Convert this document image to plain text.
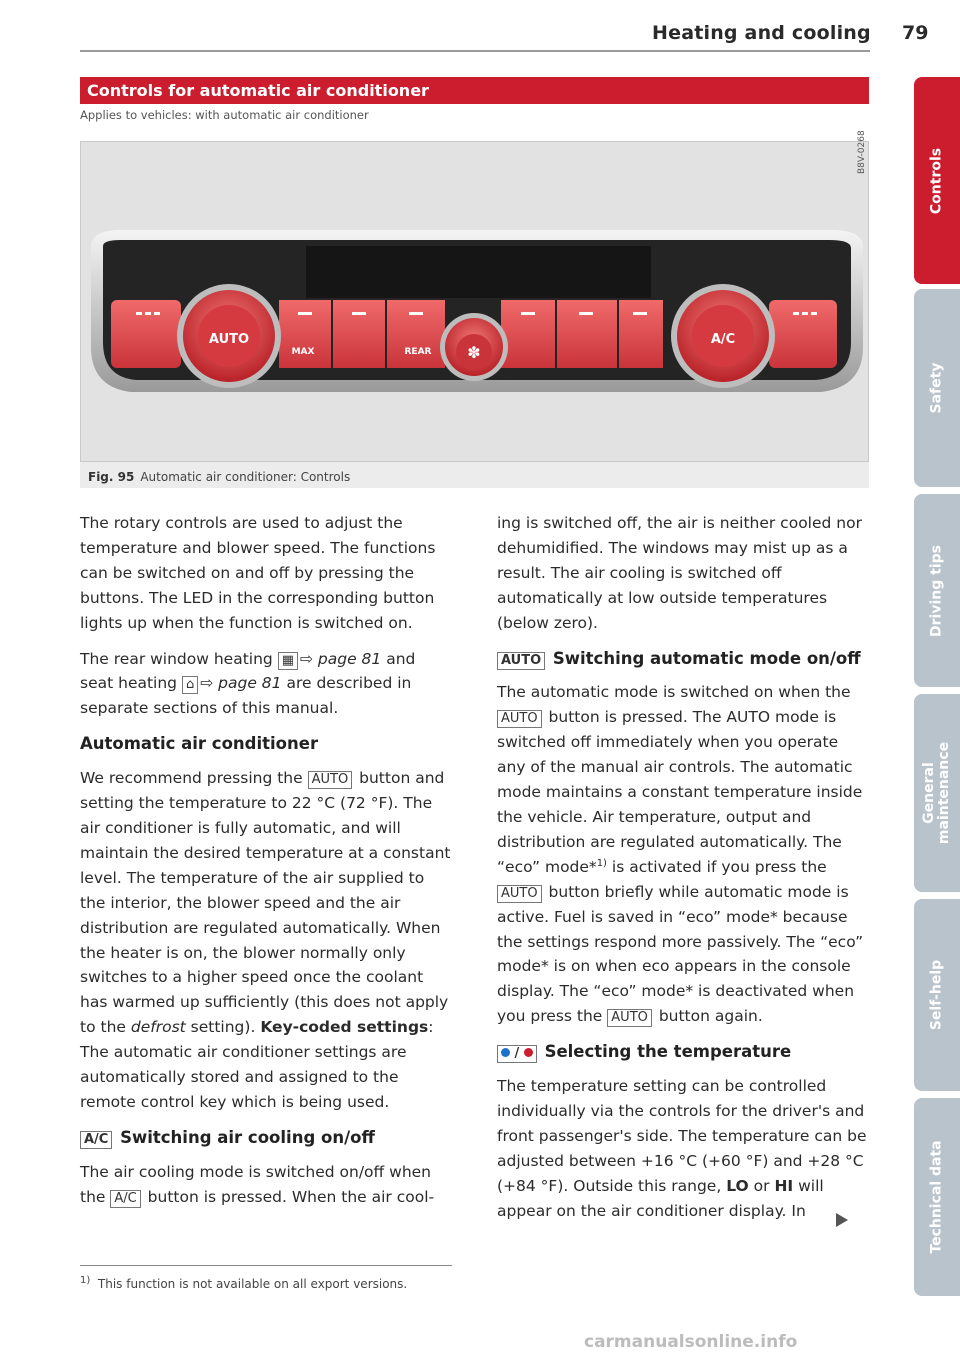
Heating and cooling 79
Controls for automatic air conditioner
Applies to vehicles: with automatic air conditioner
AUTO
MAX	REAR ✽
A/C
B8V-0268
Fig. 95 Automatic air conditioner: Controls

The rotary controls are used to adjust the temperature and blower speed. The functions can be switched on and off by pressing the buttons. The LED in the corresponding button lights up when the function is switched on.

The rear window heating ▦ ⇨ page 81 and seat heating ⌂ ⇨ page 81 are described in separate sections of this manual.

Automatic air conditioner

We recommend pressing the AUTO button and setting the temperature to 22 °C (72 °F). The air conditioner is fully automatic, and will maintain the desired temperature at a constant level. The temperature of the air supplied to the interior, the blower speed and the air distribution are regulated automatically. When the heater is on, the blower normally only switches to a higher speed once the coolant has warmed up sufficiently (this does not apply to the defrost setting). Key-coded settings: The automatic air conditioner settings are automatically stored and assigned to the remote control key which is being used.

A/C Switching air cooling on/off

The air cooling mode is switched on/off when the A/C button is pressed. When the air cool-

ing is switched off, the air is neither cooled nor dehumidified. The windows may mist up as a result. The air cooling is switched off automatically at low outside temperatures (below zero).

AUTO Switching automatic mode on/off

The automatic mode is switched on when the AUTO button is pressed. The AUTO mode is switched off immediately when you operate any of the manual air controls. The automatic mode maintains a constant temperature inside the vehicle. Air temperature, output and distribution are regulated automatically. The “eco” mode*$^{1)}$ is activated if you press the AUTO button briefly while automatic mode is active. Fuel is saved in “eco” mode* because the settings respond more passively. The “eco” mode* is on when eco appears in the console display. The “eco” mode* is deactivated when you press the AUTO button again.

/ Selecting the temperature

The temperature setting can be controlled individually via the controls for the driver's and front passenger's side. The temperature can be adjusted between +16 °C (+60 °F) and +28 °C (+84 °F). Outside this range, LO or HI will appear on the air conditioner display. In

$^{1)}$ This function is not available on all export versions.
Controls
Safety
Driving tips
General maintenance
Self-help
Technical data
carmanualsonline.info
